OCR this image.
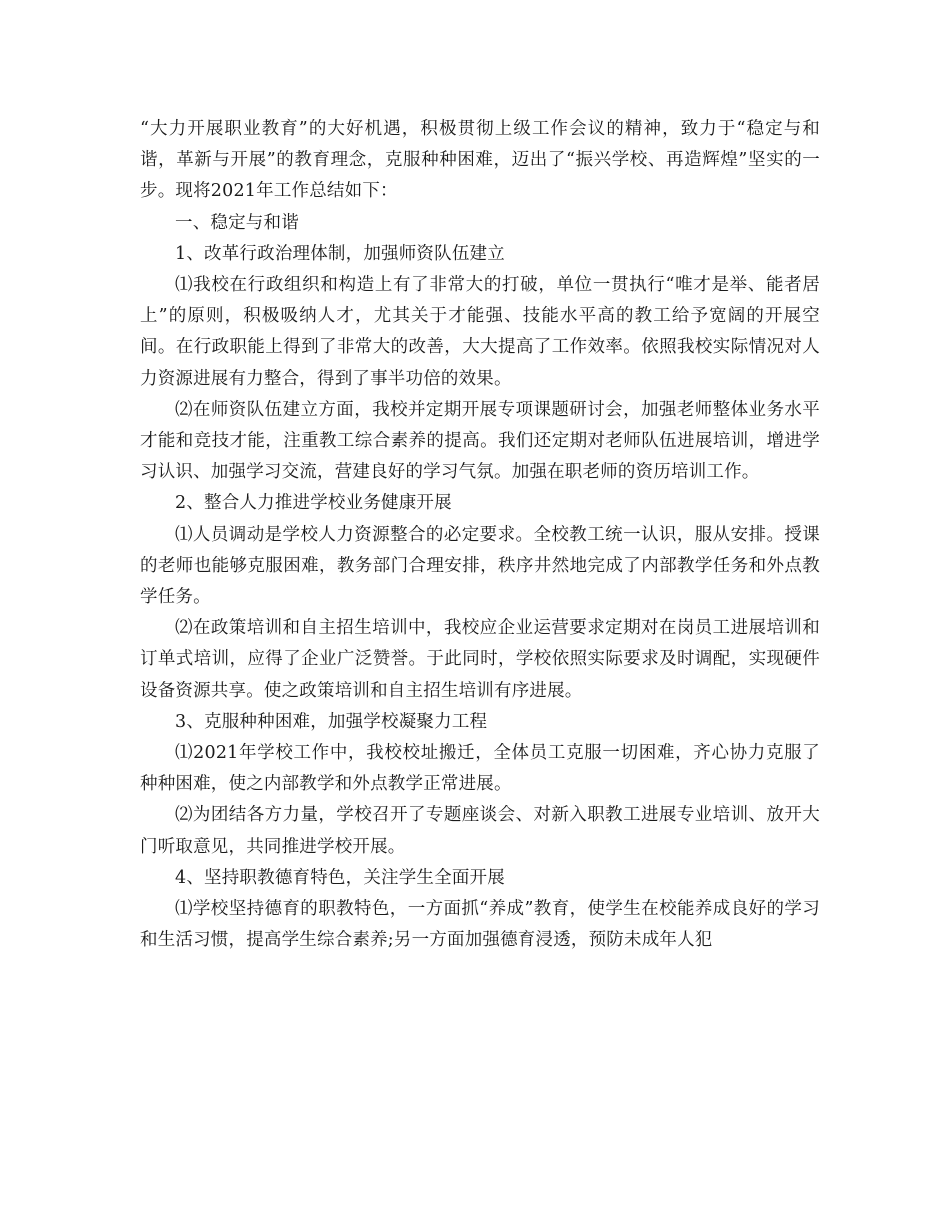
“大力开展职业教育”的大好机遇，积极贯彻上级工作会议的精神，致力于“稳定与和谐，革新与开展”的教育理念，克服种种困难，迈出了“振兴学校、再造辉煌”坚实的一步。现将2021年工作总结如下：

一、稳定与和谐

1、改革行政治理体制，加强师资队伍建立

⑴我校在行政组织和构造上有了非常大的打破，单位一贯执行“唯才是举、能者居上”的原则，积极吸纳人才，尤其关于才能强、技能水平高的教工给予宽阔的开展空间。在行政职能上得到了非常大的改善，大大提高了工作效率。依照我校实际情况对人力资源进展有力整合，得到了事半功倍的效果。

⑵在师资队伍建立方面，我校并定期开展专项课题研讨会，加强老师整体业务水平才能和竞技才能，注重教工综合素养的提高。我们还定期对老师队伍进展培训，增进学习认识、加强学习交流，营建良好的学习气氛。加强在职老师的资历培训工作。

2、整合人力推进学校业务健康开展

⑴人员调动是学校人力资源整合的必定要求。全校教工统一认识，服从安排。授课的老师也能够克服困难，教务部门合理安排，秩序井然地完成了内部教学任务和外点教学任务。

⑵在政策培训和自主招生培训中，我校应企业运营要求定期对在岗员工进展培训和订单式培训，应得了企业广泛赞誉。于此同时，学校依照实际要求及时调配，实现硬件设备资源共享。使之政策培训和自主招生培训有序进展。

3、克服种种困难，加强学校凝聚力工程

⑴2021年学校工作中，我校校址搬迁，全体员工克服一切困难，齐心协力克服了种种困难，使之内部教学和外点教学正常进展。

⑵为团结各方力量，学校召开了专题座谈会、对新入职教工进展专业培训、放开大门听取意见，共同推进学校开展。

4、坚持职教德育特色，关注学生全面开展

⑴学校坚持德育的职教特色，一方面抓“养成”教育，使学生在校能养成良好的学习和生活习惯，提高学生综合素养;另一方面加强德育浸透，预防未成年人犯
